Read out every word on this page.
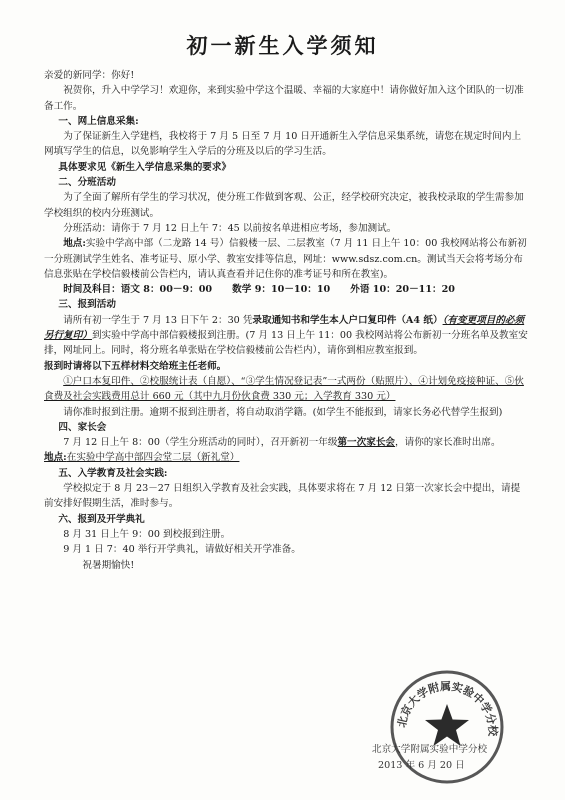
初一新生入学须知

亲爱的新同学：你好!

祝贺你，升入中学学习！欢迎你，来到实验中学这个温暖、幸福的大家庭中！请你做好加入这个团队的一切准备工作。

一、网上信息采集:

为了保证新生入学建档，我校将于 7 月 5 日至 7 月 10 日开通新生入学信息采集系统，请您在规定时间内上网填写学生的信息，以免影响学生入学后的分班及以后的学习生活。

具体要求见《新生入学信息采集的要求》

二、分班活动

为了全面了解所有学生的学习状况，使分班工作做到客观、公正，经学校研究决定，被我校录取的学生需参加学校组织的校内分班测试。

分班活动：请你于 7 月 12 日上午 7：45 以前按名单进相应考场，参加测试。

地点:实验中学高中部（二龙路 14 号）信毅楼一层、二层教室（7 月 11 日上午 10：00 我校网站将公布新初一分班测试学生姓名、准考证号、原小学、教室安排等信息，网址：www.sdsz.com.cn。测试当天会将考场分布信息张贴在学校信毅楼前公告栏内，请认真查看并记住你的准考证号和所在教室)。

时间及科目：语文 8：00－9：00 数学 9：10－10：10 外语 10：20－11：20

三、报到活动

请所有初一学生于 7 月 13 日下午 2：30 凭录取通知书和学生本人户口复印件（A4 纸）（有变更项目的必须另行复印）到实验中学高中部信毅楼报到注册。(7 月 13 日上午 11：00 我校网站将公布新初一分班名单及教室安排，网址同上。同时，将分班名单张贴在学校信毅楼前公告栏内），请你到相应教室报到。

报到时请将以下五样材料交给班主任老师。

①户口本复印件、②校服统计表（自愿）、“③学生情况登记表”一式两份（贴照片）、④计划免疫接种证、⑤伙食费及社会实践费用总计 660 元（其中九月份伙食费 330 元；入学教育 330 元）

请你准时报到注册。逾期不报到注册者，将自动取消学籍。(如学生不能报到，请家长务必代替学生报到)

四、家长会

7 月 12 日上午 8：00（学生分班活动的同时），召开新初一年级第一次家长会，请你的家长准时出席。

地点:在实验中学高中部四会堂二层（新礼堂）

五、入学教育及社会实践:

学校拟定于 8 月 23－27 日组织入学教育及社会实践，具体要求将在 7 月 12 日第一次家长会中提出，请提前安排好假期生活，准时参与。

六、报到及开学典礼

8 月 31 日上午 9：00 到校报到注册。

9 月 1 日 7：40 举行开学典礼，请做好相关开学准备。

祝暑期愉快!

北京大学附属实验中学分校
北京大学附属实验中学分校
2013 年 6 月 20 日
